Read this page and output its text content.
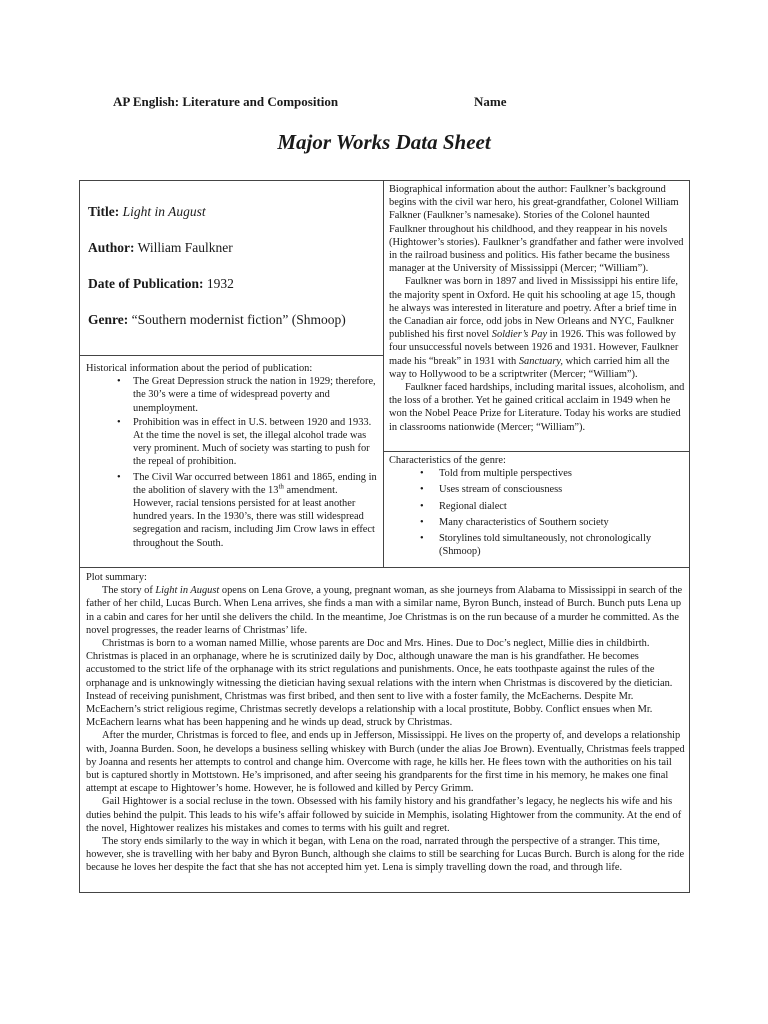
AP English: Literature and Composition	Name
Major Works Data Sheet
Title: Light in August
Author: William Faulkner
Date of Publication: 1932
Genre: “Southern modernist fiction” (Shmoop)

Biographical information about the author: Faulkner’s background begins with the civil war hero, his great-grandfather, Colonel William Falkner (Faulkner’s namesake). Stories of the Colonel haunted Faulkner throughout his childhood, and they reappear in his novels (Hightower’s stories). Faulkner’s grandfather and father were involved in the railroad business and politics. His father became the business manager at the University of Mississippi (Mercer; “William”).

Faulkner was born in 1897 and lived in Mississippi his entire life, the majority spent in Oxford. He quit his schooling at age 15, though he always was interested in literature and poetry. After a brief time in the Canadian air force, odd jobs in New Orleans and NYC, Faulkner published his first novel Soldier’s Pay in 1926. This was followed by four unsuccessful novels between 1926 and 1931. However, Faulkner made his “break” in 1931 with Sanctuary, which carried him all the way to Hollywood to be a scriptwriter (Mercer; “William”).

Faulkner faced hardships, including marital issues, alcoholism, and the loss of a brother. Yet he gained critical acclaim in 1949 when he won the Nobel Peace Prize for Literature. Today his works are studied in classrooms nationwide (Mercer; “William”).

Historical information about the period of publication:

• The Great Depression struck the nation in 1929; therefore, the 30’s were a time of widespread poverty and unemployment.
• Prohibition was in effect in U.S. between 1920 and 1933. At the time the novel is set, the illegal alcohol trade was very prominent. Much of society was starting to push for the repeal of prohibition.
• The Civil War occurred between 1861 and 1865, ending in the abolition of slavery with the 13th amendment. However, racial tensions persisted for at least another hundred years. In the 1930’s, there was still widespread segregation and racism, including Jim Crow laws in effect throughout the South.

Characteristics of the genre:

• Told from multiple perspectives
• Uses stream of consciousness
• Regional dialect
• Many characteristics of Southern society
• Storylines told simultaneously, not chronologically (Shmoop)

Plot summary:

The story of Light in August opens on Lena Grove, a young, pregnant woman, as she journeys from Alabama to Mississippi in search of the father of her child, Lucas Burch. When Lena arrives, she finds a man with a similar name, Byron Bunch, instead of Burch. Bunch puts Lena up in a cabin and cares for her until she delivers the child. In the meantime, Joe Christmas is on the run because of a murder he committed. As the novel progresses, the reader learns of Christmas’ life.

Christmas is born to a woman named Millie, whose parents are Doc and Mrs. Hines. Due to Doc’s neglect, Millie dies in childbirth. Christmas is placed in an orphanage, where he is scrutinized daily by Doc, although unaware the man is his grandfather. He becomes accustomed to the strict life of the orphanage with its strict regulations and punishments. Once, he eats toothpaste against the rules of the orphanage and is unknowingly witnessing the dietician having sexual relations with the intern when Christmas is discovered by the dietician. Instead of receiving punishment, Christmas was first bribed, and then sent to live with a foster family, the McEacherns. Despite Mr. McEachern’s strict religious regime, Christmas secretly develops a relationship with a local prostitute, Bobby. Conflict ensues when Mr. McEachern learns what has been happening and he winds up dead, struck by Christmas.

After the murder, Christmas is forced to flee, and ends up in Jefferson, Mississippi. He lives on the property of, and develops a relationship with, Joanna Burden. Soon, he develops a business selling whiskey with Burch (under the alias Joe Brown). Eventually, Christmas feels trapped by Joanna and resents her attempts to control and change him. Overcome with rage, he kills her. He flees town with the authorities on his tail but is captured shortly in Mottstown. He’s imprisoned, and after seeing his grandparents for the first time in his memory, he makes one final attempt at escape to Hightower’s home. However, he is followed and killed by Percy Grimm.

Gail Hightower is a social recluse in the town. Obsessed with his family history and his grandfather’s legacy, he neglects his wife and his duties behind the pulpit. This leads to his wife’s affair followed by suicide in Memphis, isolating Hightower from the community. At the end of the novel, Hightower realizes his mistakes and comes to terms with his guilt and regret.

The story ends similarly to the way in which it began, with Lena on the road, narrated through the perspective of a stranger. This time, however, she is travelling with her baby and Byron Bunch, although she claims to still be searching for Lucas Burch. Burch is along for the ride because he loves her despite the fact that she has not accepted him yet. Lena is simply travelling down the road, and through life.
